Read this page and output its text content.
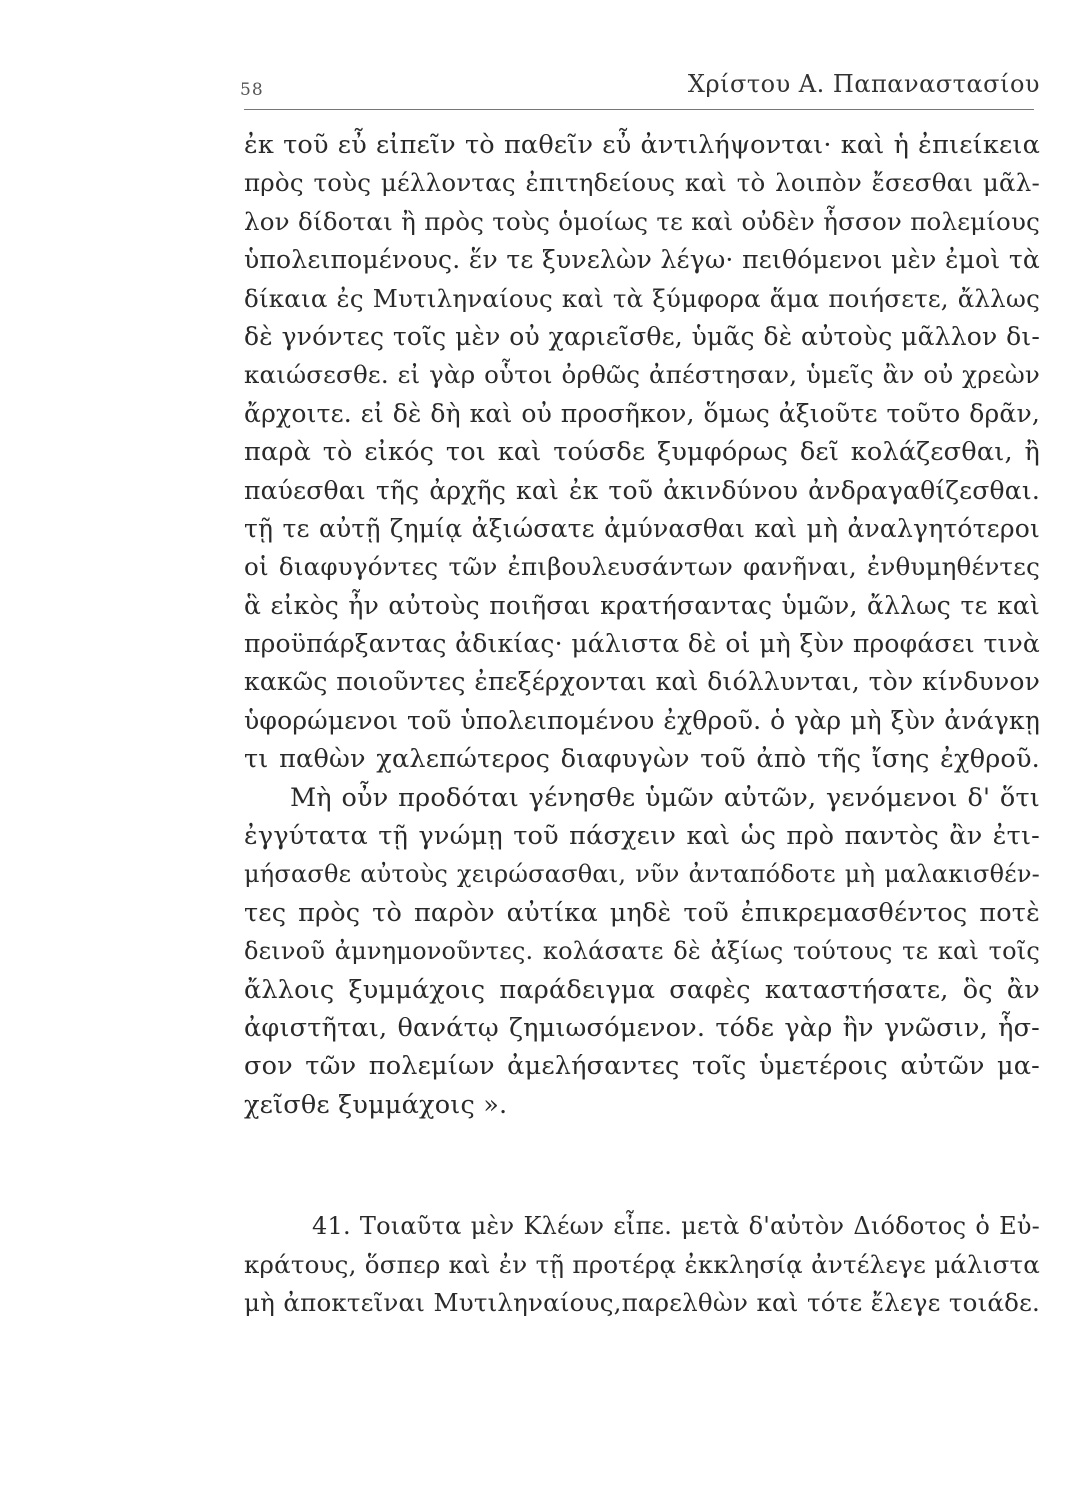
58	Χρίστου Α. Παπαναστασίου
ἐκ τοῦ εὖ εἰπεῖν τὸ παθεῖν εὖ ἀντιλήψονται· καὶ ἡ ἐπιείκεια
πρὸς τοὺς μέλλοντας ἐπιτηδείους καὶ τὸ λοιπὸν ἔσεσθαι μᾶλ-
λον δίδοται ἢ πρὸς τοὺς ὁμοίως τε καὶ οὐδὲν ἧσσον πολεμίους
ὑπολειπομένους. ἕν τε ξυνελὼν λέγω· πειθόμενοι μὲν ἐμοὶ τὰ
δίκαια ἐς Μυτιληναίους καὶ τὰ ξύμφορα ἅμα ποιήσετε, ἄλλως
δὲ γνόντες τοῖς μὲν οὐ χαριεῖσθε, ὑμᾶς δὲ αὐτοὺς μᾶλλον δι-
καιώσεσθε. εἰ γὰρ οὗτοι ὀρθῶς ἀπέστησαν, ὑμεῖς ἂν οὐ χρεὼν
ἄρχοιτε. εἰ δὲ δὴ καὶ οὐ προσῆκον, ὅμως ἀξιοῦτε τοῦτο δρᾶν,
παρὰ τὸ εἰκός τοι καὶ τούσδε ξυμφόρως δεῖ κολάζεσθαι, ἢ
παύεσθαι τῆς ἀρχῆς καὶ ἐκ τοῦ ἀκινδύνου ἀνδραγαθίζεσθαι.
τῇ τε αὐτῇ ζημίᾳ ἀξιώσατε ἀμύνασθαι καὶ μὴ ἀναλγητότεροι
οἱ διαφυγόντες τῶν ἐπιβουλευσάντων φανῆναι, ἐνθυμηθέντες
ἃ εἰκὸς ἦν αὐτοὺς ποιῆσαι κρατήσαντας ὑμῶν, ἄλλως τε καὶ
προϋπάρξαντας ἀδικίας· μάλιστα δὲ οἱ μὴ ξὺν προφάσει τινὰ
κακῶς ποιοῦντες ἐπεξέρχονται καὶ διόλλυνται, τὸν κίνδυνον
ὑφορώμενοι τοῦ ὑπολειπομένου ἐχθροῦ. ὁ γὰρ μὴ ξὺν ἀνάγκῃ
τι παθὼν χαλεπώτερος διαφυγὼν τοῦ ἀπὸ τῆς ἴσης ἐχθροῦ.
Μὴ οὖν προδόται γένησθε ὑμῶν αὐτῶν, γενόμενοι δ' ὅτι
ἐγγύτατα τῇ γνώμῃ τοῦ πάσχειν καὶ ὡς πρὸ παντὸς ἂν ἐτι-
μήσασθε αὐτοὺς χειρώσασθαι, νῦν ἀνταπόδοτε μὴ μαλακισθέν-
τες πρὸς τὸ παρὸν αὐτίκα μηδὲ τοῦ ἐπικρεμασθέντος ποτὲ
δεινοῦ ἀμνημονοῦντες. κολάσατε δὲ ἀξίως τούτους τε καὶ τοῖς
ἄλλοις ξυμμάχοις παράδειγμα σαφὲς καταστήσατε, ὃς ἂν
ἀφιστῆται, θανάτῳ ζημιωσόμενον. τόδε γὰρ ἢν γνῶσιν, ἧσ-
σον τῶν πολεμίων ἀμελήσαντες τοῖς ὑμετέροις αὐτῶν μα-
χεῖσθε ξυμμάχοις ».
41. Τοιαῦτα μὲν Κλέων εἶπε. μετὰ δ'αὐτὸν Διόδοτος ὁ Εὐ-
κράτους, ὅσπερ καὶ ἐν τῇ προτέρᾳ ἐκκλησίᾳ ἀντέλεγε μάλιστα
μὴ ἀποκτεῖναι Μυτιληναίους,παρελθὼν καὶ τότε ἔλεγε τοιάδε.
